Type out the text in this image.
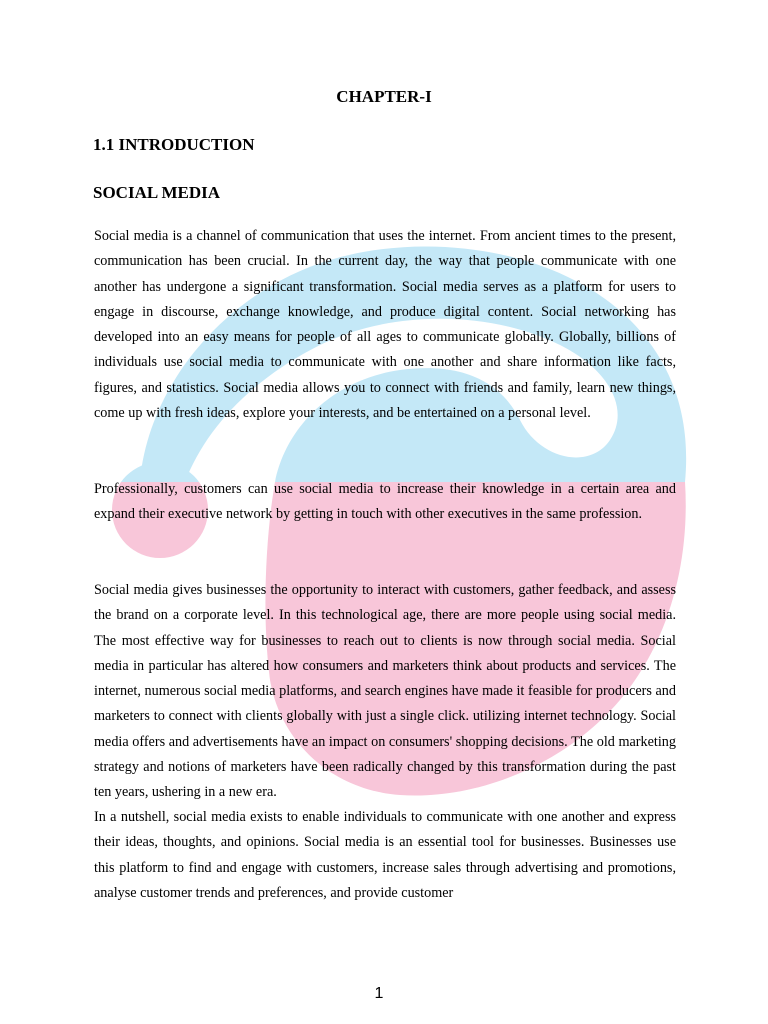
CHAPTER-I
1.1 INTRODUCTION
SOCIAL MEDIA

Social media is a channel of communication that uses the internet. From ancient times to the present, communication has been crucial. In the current day, the way that people communicate with one another has undergone a significant transformation. Social media serves as a platform for users to engage in discourse, exchange knowledge, and produce digital content. Social networking has developed into an easy means for people of all ages to communicate globally. Globally, billions of individuals use social media to communicate with one another and share information like facts, figures, and statistics. Social media allows you to connect with friends and family, learn new things, come up with fresh ideas, explore your interests, and be entertained on a personal level.

Professionally, customers can use social media to increase their knowledge in a certain area and expand their executive network by getting in touch with other executives in the same profession.

Social media gives businesses the opportunity to interact with customers, gather feedback, and assess the brand on a corporate level. In this technological age, there are more people using social media. The most effective way for businesses to reach out to clients is now through social media. Social media in particular has altered how consumers and marketers think about products and services. The internet, numerous social media platforms, and search engines have made it feasible for producers and marketers to connect with clients globally with just a single click. utilizing internet technology. Social media offers and advertisements have an impact on consumers' shopping decisions. The old marketing strategy and notions of marketers have been radically changed by this transformation during the past ten years, ushering in a new era.

In a nutshell, social media exists to enable individuals to communicate with one another and express their ideas, thoughts, and opinions. Social media is an essential tool for businesses. Businesses use this platform to find and engage with customers, increase sales through advertising and promotions, analyse customer trends and preferences, and provide customer

1
